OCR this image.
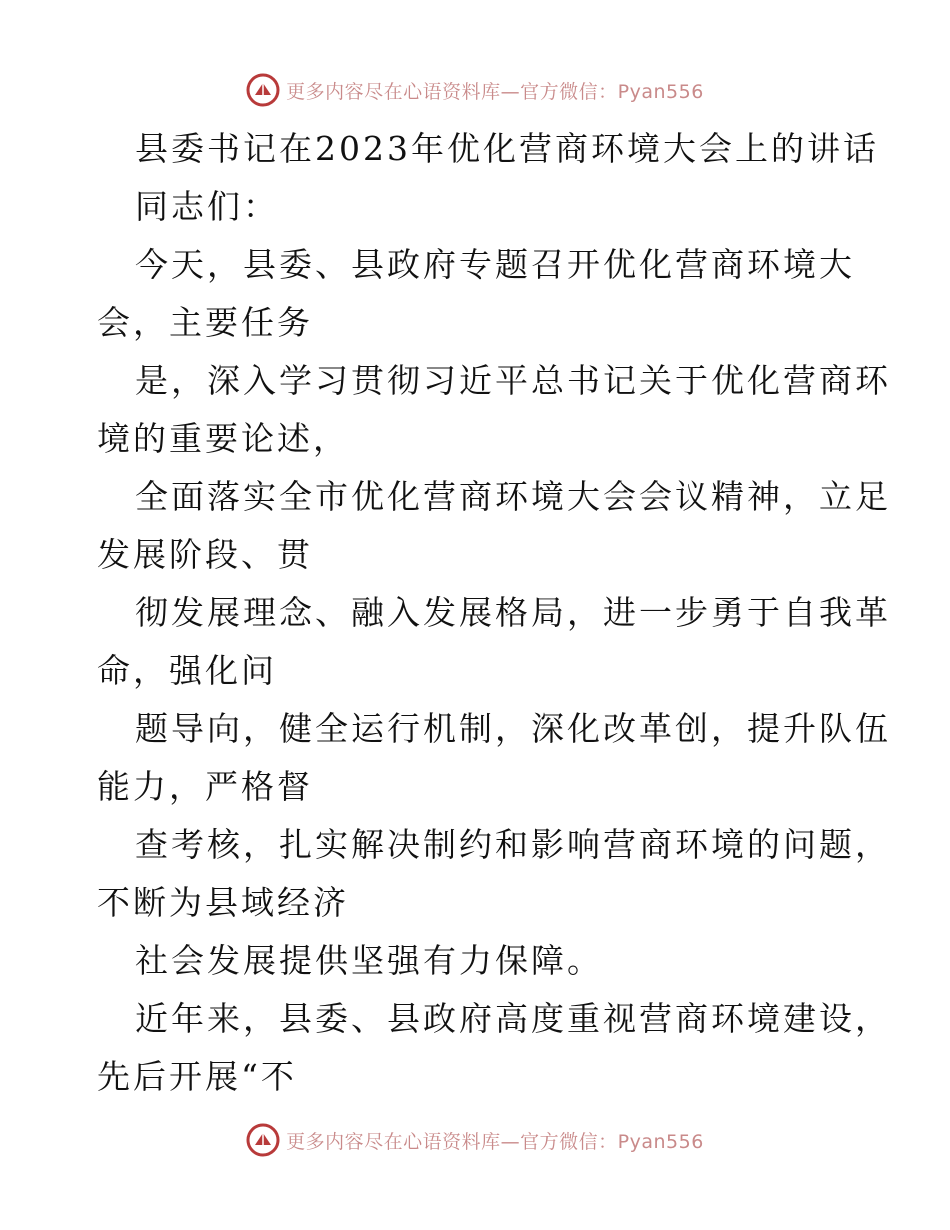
更多内容尽在心语资料库—官方微信：Pyan556
县委书记在2023年优化营商环境大会上的讲话
同志们：
今天，县委、县政府专题召开优化营商环境大
会，主要任务
是，深入学习贯彻习近平总书记关于优化营商环
境的重要论述，
全面落实全市优化营商环境大会会议精神，立足
发展阶段、贯
彻发展理念、融入发展格局，进一步勇于自我革
命，强化问
题导向，健全运行机制，深化改革创，提升队伍
能力，严格督
查考核，扎实解决制约和影响营商环境的问题，
不断为县域经济
社会发展提供坚强有力保障。
近年来，县委、县政府高度重视营商环境建设，
先后开展“不
更多内容尽在心语资料库—官方微信：Pyan556
